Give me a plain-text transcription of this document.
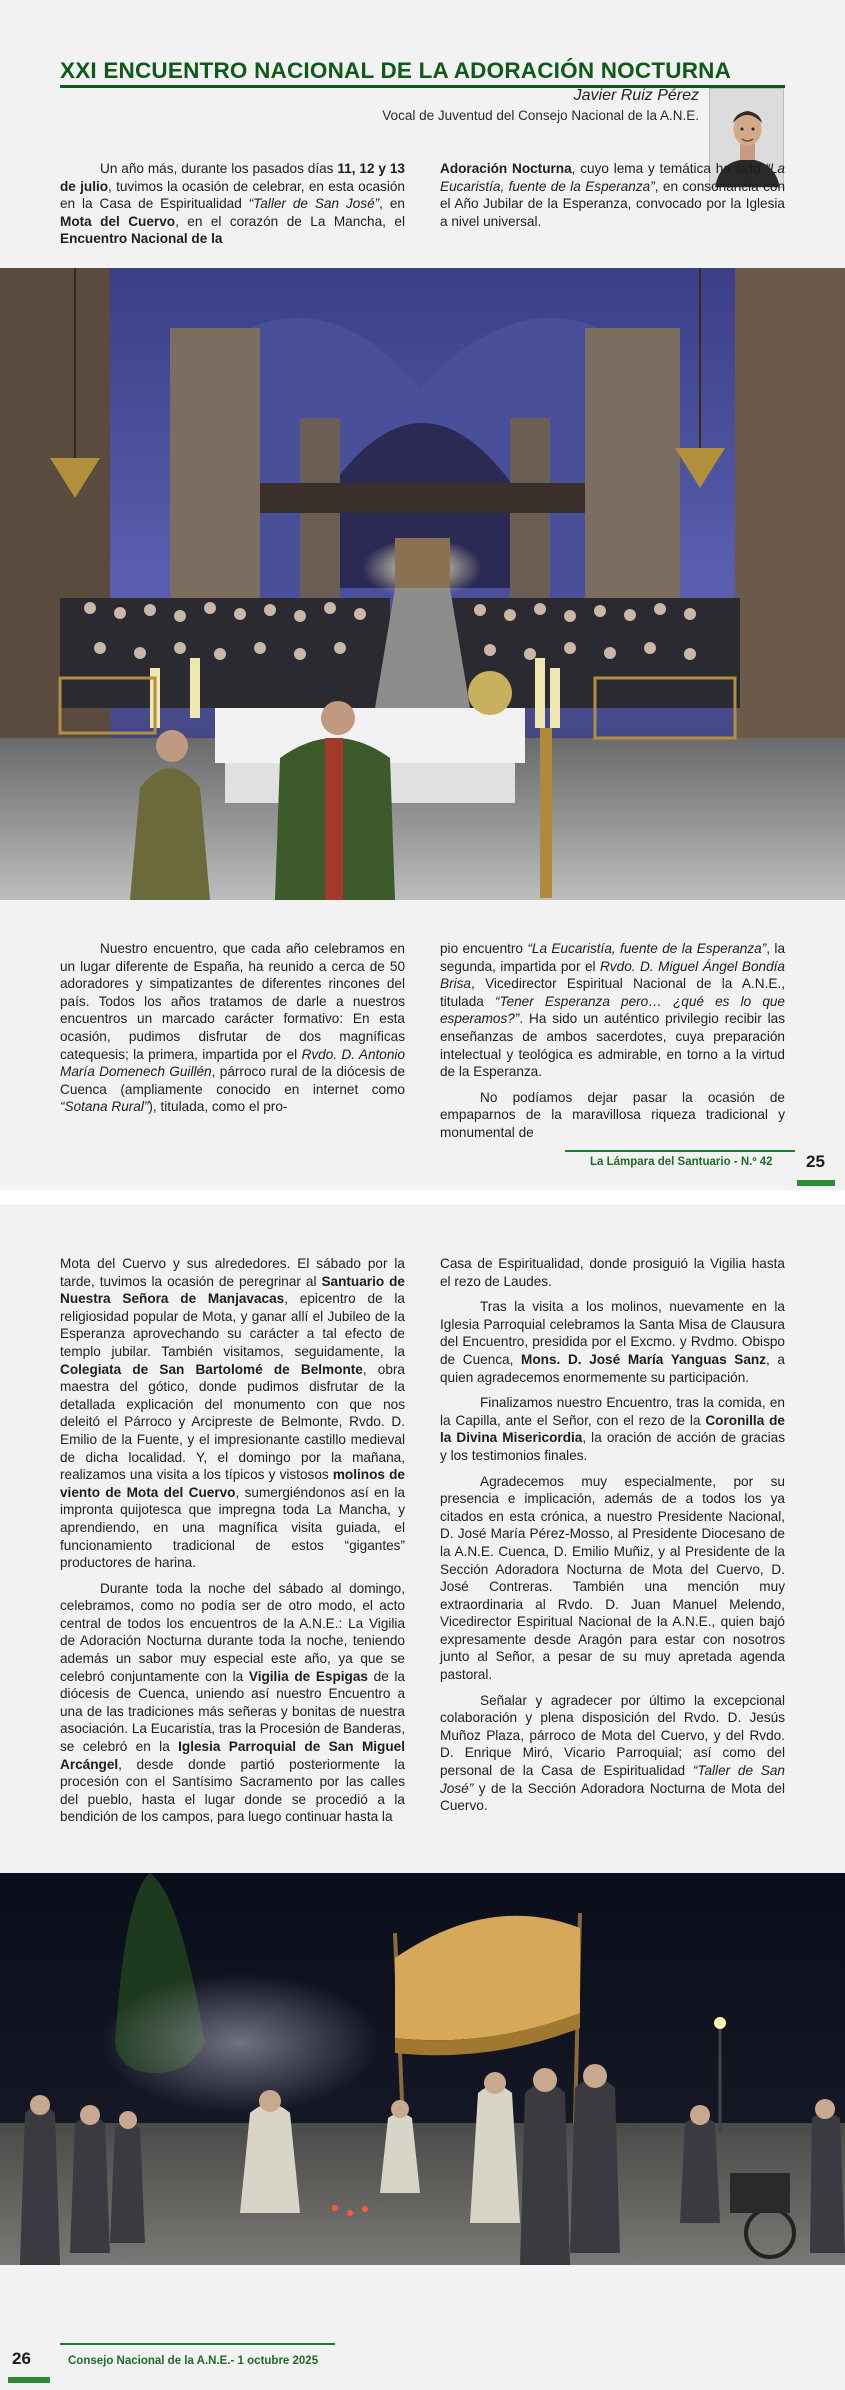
XXI ENCUENTRO NACIONAL DE LA ADORACIÓN NOCTURNA
Javier Ruiz Pérez
Vocal de Juventud del Consejo Nacional de la A.N.E.

Un año más, durante los pasados días 11, 12 y 13 de julio, tuvimos la ocasión de celebrar, en esta ocasión en la Casa de Espiritualidad “Taller de San José”, en Mota del Cuervo, en el corazón de La Mancha, el Encuentro Nacional de la

Adoración Nocturna, cuyo lema y temática ha sido “La Eucaristía, fuente de la Esperanza”, en consonancia con el Año Jubilar de la Esperanza, convocado por la Iglesia a nivel universal.

Nuestro encuentro, que cada año celebramos en un lugar diferente de España, ha reunido a cerca de 50 adoradores y simpatizantes de diferentes rincones del país. Todos los años tratamos de darle a nuestros encuentros un marcado carácter formativo: En esta ocasión, pudimos disfrutar de dos magníficas catequesis; la primera, impartida por el Rvdo. D. Antonio María Domenech Guillén, párroco rural de la diócesis de Cuenca (ampliamente conocido en internet como “Sotana Rural”), titulada, como el pro-

pio encuentro “La Eucaristía, fuente de la Esperanza”, la segunda, impartida por el Rvdo. D. Miguel Ángel Bondía Brisa, Vicedirector Espiritual Nacional de la A.N.E., titulada “Tener Esperanza pero… ¿qué es lo que esperamos?”. Ha sido un auténtico privilegio recibir las enseñanzas de ambos sacerdotes, cuya preparación intelectual y teológica es admirable, en torno a la virtud de la Esperanza.

No podíamos dejar pasar la ocasión de empaparnos de la maravillosa riqueza tradicional y monumental de

La Lámpara del Santuario - N.º 42 25

Mota del Cuervo y sus alrededores. El sábado por la tarde, tuvimos la ocasión de peregrinar al Santuario de Nuestra Señora de Manjavacas, epicentro de la religiosidad popular de Mota, y ganar allí el Jubileo de la Esperanza aprovechando su carácter a tal efecto de templo jubilar. También visitamos, seguidamente, la Colegiata de San Bartolomé de Belmonte, obra maestra del gótico, donde pudimos disfrutar de la detallada explicación del monumento con que nos deleitó el Párroco y Arcipreste de Belmonte, Rvdo. D. Emilio de la Fuente, y el impresionante castillo medieval de dicha localidad. Y, el domingo por la mañana, realizamos una visita a los típicos y vistosos molinos de viento de Mota del Cuervo, sumergiéndonos así en la impronta quijotesca que impregna toda La Mancha, y aprendiendo, en una magnífica visita guiada, el funcionamiento tradicional de estos “gigantes” productores de harina.

Durante toda la noche del sábado al domingo, celebramos, como no podía ser de otro modo, el acto central de todos los encuentros de la A.N.E.: La Vigilia de Adoración Nocturna durante toda la noche, teniendo además un sabor muy especial este año, ya que se celebró conjuntamente con la Vigilia de Espigas de la diócesis de Cuenca, uniendo así nuestro Encuentro a una de las tradiciones más señeras y bonitas de nuestra asociación. La Eucaristía, tras la Procesión de Banderas, se celebró en la Iglesia Parroquial de San Miguel Arcángel, desde donde partió posteriormente la procesión con el Santísimo Sacramento por las calles del pueblo, hasta el lugar donde se procedió a la bendición de los campos, para luego continuar hasta la

Casa de Espiritualidad, donde prosiguió la Vigilia hasta el rezo de Laudes.

Tras la visita a los molinos, nuevamente en la Iglesia Parroquial celebramos la Santa Misa de Clausura del Encuentro, presidida por el Excmo. y Rvdmo. Obispo de Cuenca, Mons. D. José María Yanguas Sanz, a quien agradecemos enormemente su participación.

Finalizamos nuestro Encuentro, tras la comida, en la Capilla, ante el Señor, con el rezo de la Coronilla de la Divina Misericordia, la oración de acción de gracias y los testimonios finales.

Agradecemos muy especialmente, por su presencia e implicación, además de a todos los ya citados en esta crónica, a nuestro Presidente Nacional, D. José María Pérez-Mosso, al Presidente Diocesano de la A.N.E. Cuenca, D. Emilio Muñiz, y al Presidente de la Sección Adoradora Nocturna de Mota del Cuervo, D. José Contreras. También una mención muy extraordinaria al Rvdo. D. Juan Manuel Melendo, Vicedirector Espiritual Nacional de la A.N.E., quien bajó expresamente desde Aragón para estar con nosotros junto al Señor, a pesar de su muy apretada agenda pastoral.

Señalar y agradecer por último la excepcional colaboración y plena disposición del Rvdo. D. Jesús Muñoz Plaza, párroco de Mota del Cuervo, y del Rvdo. D. Enrique Miró, Vicario Parroquial; así como del personal de la Casa de Espiritualidad “Taller de San José” y de la Sección Adoradora Nocturna de Mota del Cuervo.

26	Consejo Nacional de la A.N.E.- 1 octubre 2025
